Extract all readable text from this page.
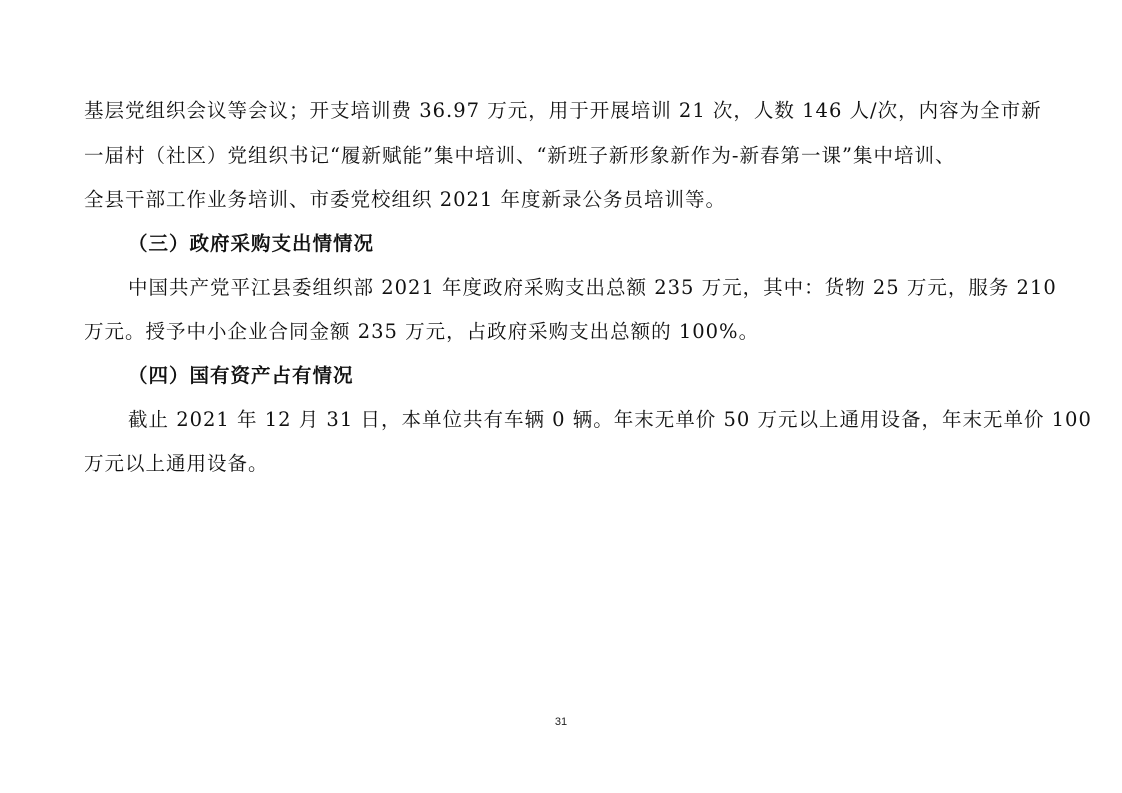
基层党组织会议等会议；开支培训费 36.97 万元，用于开展培训 21 次，人数 146 人/次，内容为全市新
一届村（社区）党组织书记“履新赋能”集中培训、“新班子新形象新作为-新春第一课”集中培训、
全县干部工作业务培训、市委党校组织 2021 年度新录公务员培训等。
（三）政府采购支出情情况
中国共产党平江县委组织部 2021 年度政府采购支出总额 235 万元，其中：货物 25 万元，服务 210
万元。授予中小企业合同金额 235 万元，占政府采购支出总额的 100%。
（四）国有资产占有情况
截止 2021 年 12 月 31 日，本单位共有车辆 0 辆。年末无单价 50 万元以上通用设备，年末无单价 100
万元以上通用设备。
31
